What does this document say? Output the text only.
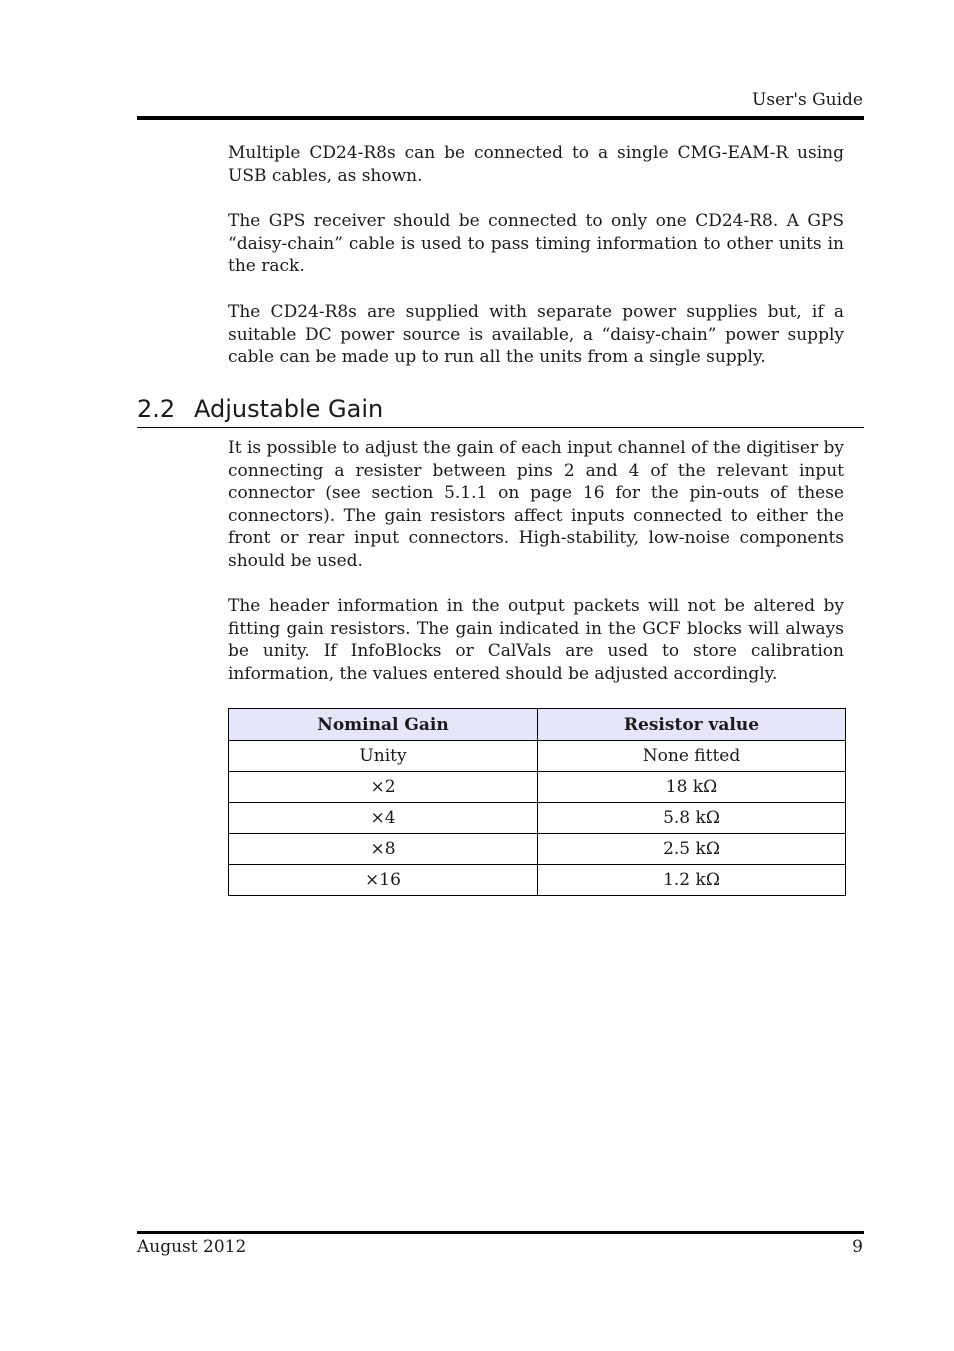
User's Guide

Multiple CD24-R8s can be connected to a single CMG-EAM-R using USB cables, as shown.

The GPS receiver should be connected to only one CD24-R8. A GPS “daisy-chain” cable is used to pass timing information to other units in the rack.

The CD24-R8s are supplied with separate power supplies but, if a suitable DC power source is available, a “daisy-chain” power supply cable can be made up to run all the units from a single supply.

2.2 Adjustable Gain

It is possible to adjust the gain of each input channel of the digitiser by connecting a resister between pins 2 and 4 of the relevant input connector (see section 5.1.1 on page 16 for the pin-outs of these connectors). The gain resistors affect inputs connected to either the front or rear input connectors. High-stability, low-noise components should be used.

The header information in the output packets will not be altered by fitting gain resistors. The gain indicated in the GCF blocks will always be unity. If InfoBlocks or CalVals are used to store calibration information, the values entered should be adjusted accordingly.

Nominal Gain	Resistor value
Unity	None fitted
×2	18 kΩ
×4	5.8 kΩ
×8	2.5 kΩ
×16	1.2 kΩ
August 2012	9
